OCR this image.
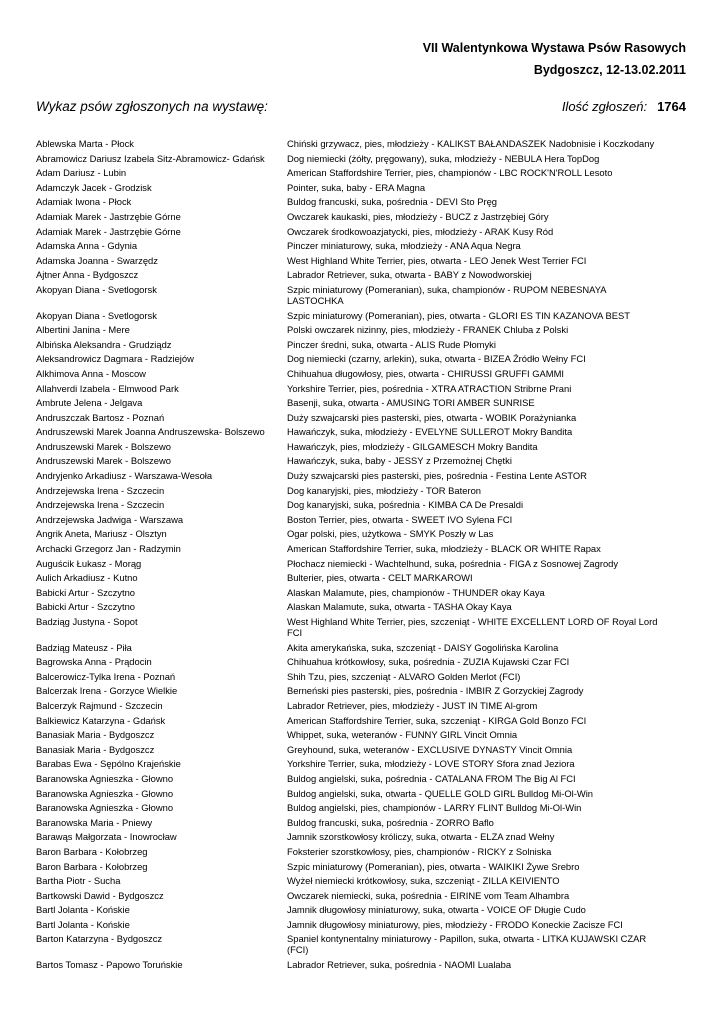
VII Walentynkowa Wystawa Psów Rasowych
Bydgoszcz, 12-13.02.2011
Wykaz psów zgłoszonych na wystawę:	Ilość zgłoszeń: 1764
Ablewska Marta - Płock	Chiński grzywacz, pies, młodzieży - KALIKST BAŁANDASZEK Nadobnisie i Koczkodany
Abramowicz Dariusz Izabela Sitz-Abramowicz- Gdańsk	Dog niemiecki (żółty, pręgowany), suka, młodzieży - NEBULA Hera TopDog
Adam Dariusz - Lubin	American Staffordshire Terrier, pies, championów - LBC ROCK'N'ROLL Lesoto
Adamczyk Jacek - Grodzisk	Pointer, suka, baby - ERA Magna
Adamiak Iwona - Płock	Buldog francuski, suka, pośrednia - DEVI Sto Pręg
Adamiak Marek - Jastrzębie Górne	Owczarek kaukaski, pies, młodzieży - BUCZ z Jastrzębiej Góry
Adamiak Marek - Jastrzębie Górne	Owczarek środkowoazjatycki, pies, młodzieży - ARAK Kusy Ród
Adamska Anna - Gdynia	Pinczer miniaturowy, suka, młodzieży - ANA Aqua Negra
Adamska Joanna - Swarzędz	West Highland White Terrier, pies, otwarta - LEO Jenek West Terrier FCI
Ajtner Anna - Bydgoszcz	Labrador Retriever, suka, otwarta - BABY z Nowodworskiej
Akopyan Diana - Svetlogorsk	Szpic miniaturowy (Pomeranian), suka, championów - RUPOM NEBESNAYA LASTOCHKA
Akopyan Diana - Svetlogorsk	Szpic miniaturowy (Pomeranian), pies, otwarta - GLORI ES TIN KAZANOVA BEST
Albertini Janina - Mere	Polski owczarek nizinny, pies, młodzieży - FRANEK Chluba z Polski
Albińska Aleksandra - Grudziądz	Pinczer średni, suka, otwarta - ALIS Rude Płomyki
Aleksandrowicz Dagmara - Radziejów	Dog niemiecki (czarny, arlekin), suka, otwarta - BIZEA Źródło Wełny FCI
Alkhimova Anna - Moscow	Chihuahua długowłosy, pies, otwarta - CHIRUSSI GRUFFI GAMMI
Allahverdi Izabela - Elmwood Park	Yorkshire Terrier, pies, pośrednia - XTRA ATRACTION Stribrne Prani
Ambrute Jelena - Jelgava	Basenji, suka, otwarta - AMUSING TORI AMBER SUNRISE
Andruszczak Bartosz - Poznań	Duży szwajcarski pies pasterski, pies, otwarta - WOBIK Porażynianka
Andruszewski Marek Joanna Andruszewska- Bolszewo	Hawańczyk, suka, młodzieży - EVELYNE SULLEROT Mokry Bandita
Andruszewski Marek - Bolszewo	Hawańczyk, pies, młodzieży - GILGAMESCH Mokry Bandita
Andruszewski Marek - Bolszewo	Hawańczyk, suka, baby - JESSY z Przemożnej Chętki
Andryjenko Arkadiusz - Warszawa-Wesoła	Duży szwajcarski pies pasterski, pies, pośrednia - Festina Lente ASTOR
Andrzejewska Irena - Szczecin	Dog kanaryjski, pies, młodzieży - TOR Bateron
Andrzejewska Irena - Szczecin	Dog kanaryjski, suka, pośrednia - KIMBA CA De Presaldi
Andrzejewska Jadwiga - Warszawa	Boston Terrier, pies, otwarta - SWEET IVO Sylena FCI
Angrik Aneta, Mariusz - Olsztyn	Ogar polski, pies, użytkowa - SMYK Poszły w Las
Archacki Grzegorz Jan - Radzymin	American Staffordshire Terrier, suka, młodzieży - BLACK OR WHITE Rapax
Auguścik Łukasz - Morąg	Płochacz niemiecki - Wachtelhund, suka, pośrednia - FIGA z Sosnowej Zagrody
Aulich Arkadiusz - Kutno	Bulterier, pies, otwarta - CELT MARKAROWI
Babicki Artur - Szczytno	Alaskan Malamute, pies, championów - THUNDER okay Kaya
Babicki Artur - Szczytno	Alaskan Malamute, suka, otwarta - TASHA Okay Kaya
Badziąg Justyna - Sopot	West Highland White Terrier, pies, szczeniąt - WHITE EXCELLENT LORD OF Royal Lord FCI
Badziąg Mateusz - Piła	Akita amerykańska, suka, szczeniąt - DAISY Gogolińska Karolina
Bagrowska Anna - Prądocin	Chihuahua krótkowłosy, suka, pośrednia - ZUZIA Kujawski Czar FCI
Balcerowicz-Tylka Irena - Poznań	Shih Tzu, pies, szczeniąt - ALVARO Golden Merlot (FCI)
Balcerzak Irena - Gorzyce Wielkie	Berneński pies pasterski, pies, pośrednia - IMBIR Z Gorzyckiej Zagrody
Balcerzyk Rajmund - Szczecin	Labrador Retriever, pies, młodzieży - JUST IN TIME Al-grom
Balkiewicz Katarzyna - Gdańsk	American Staffordshire Terrier, suka, szczeniąt - KIRGA Gold Bonzo FCI
Banasiak Maria - Bydgoszcz	Whippet, suka, weteranów - FUNNY GIRL Vincit Omnia
Banasiak Maria - Bydgoszcz	Greyhound, suka, weteranów - EXCLUSIVE DYNASTY Vincit Omnia
Barabas Ewa - Sępólno Krajeńskie	Yorkshire Terrier, suka, młodzieży - LOVE STORY Sfora znad Jeziora
Baranowska Agnieszka - Głowno	Buldog angielski, suka, pośrednia - CATALANA FROM The Big Al FCI
Baranowska Agnieszka - Głowno	Buldog angielski, suka, otwarta - QUELLE GOLD GIRL Bulldog Mi-Ol-Win
Baranowska Agnieszka - Głowno	Buldog angielski, pies, championów - LARRY FLINT Bulldog Mi-Ol-Win
Baranowska Maria - Pniewy	Buldog francuski, suka, pośrednia - ZORRO Baflo
Barawąs Małgorzata - Inowrocław	Jamnik szorstkowłosy króliczy, suka, otwarta - ELZA znad Wełny
Baron Barbara - Kołobrzeg	Foksterier szorstkowłosy, pies, championów - RICKY z Solniska
Baron Barbara - Kołobrzeg	Szpic miniaturowy (Pomeranian), pies, otwarta - WAIKIKI Żywe Srebro
Bartha Piotr - Sucha	Wyżeł niemiecki krótkowłosy, suka, szczeniąt - ZILLA KEIVIENTO
Bartkowski Dawid - Bydgoszcz	Owczarek niemiecki, suka, pośrednia - EIRINE vom Team Alhambra
Bartl Jolanta - Końskie	Jamnik długowłosy miniaturowy, suka, otwarta - VOICE OF Długie Cudo
Bartl Jolanta - Końskie	Jamnik długowłosy miniaturowy, pies, młodzieży - FRODO Koneckie Zacisze FCI
Barton Katarzyna - Bydgoszcz	Spaniel kontynentalny miniaturowy - Papillon, suka, otwarta - LITKA KUJAWSKI CZAR (FCI)
Bartos Tomasz - Papowo Toruńskie	Labrador Retriever, suka, pośrednia - NAOMI Lualaba
